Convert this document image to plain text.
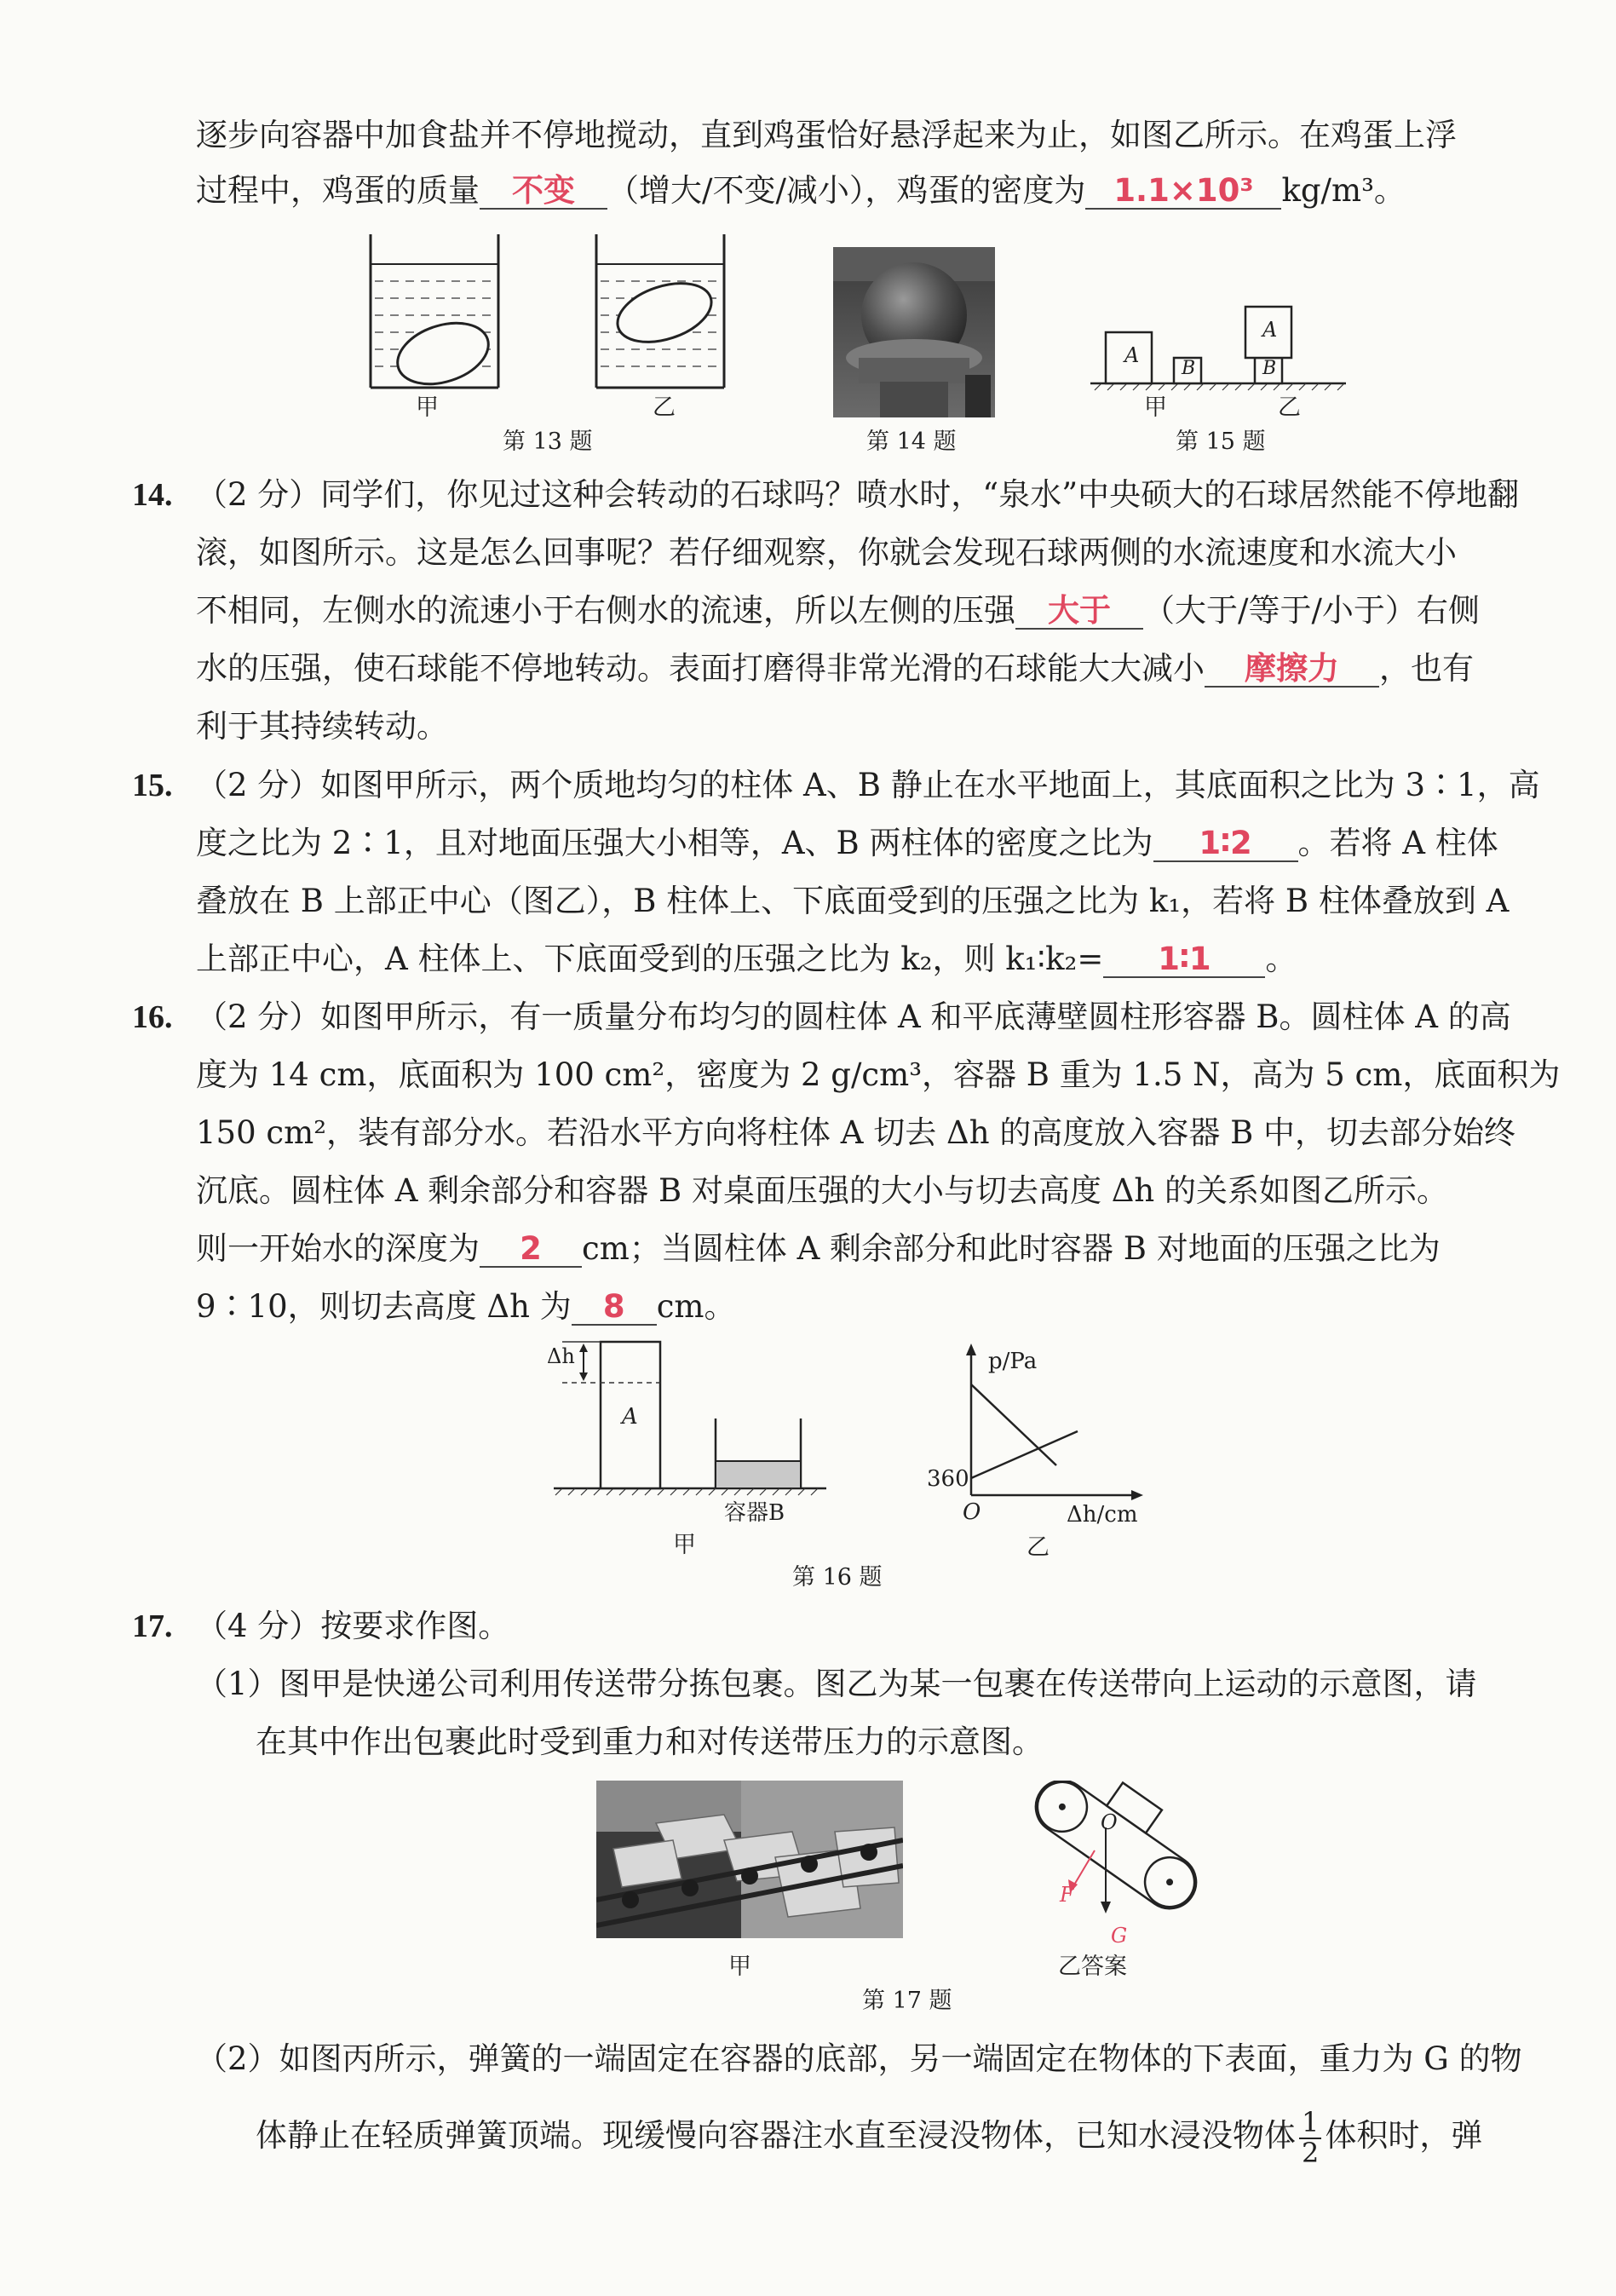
逐步向容器中加食盐并不停地搅动，直到鸡蛋恰好悬浮起来为止，如图乙所示。在鸡蛋上浮
过程中，鸡蛋的质量 不变 （增大/不变/减小），鸡蛋的密度为 1.1×10³ kg/m³。
甲	乙
第 13 题	第 14 题
A
B
A
B
甲	乙
第 15 题
14. （2 分）同学们，你见过这种会转动的石球吗？喷水时，“泉水”中央硕大的石球居然能不停地翻
滚，如图所示。这是怎么回事呢？若仔细观察，你就会发现石球两侧的水流速度和水流大小
不相同，左侧水的流速小于右侧水的流速，所以左侧的压强 大于 （大于/等于/小于）右侧
水的压强，使石球能不停地转动。表面打磨得非常光滑的石球能大大减小 摩擦力 ，也有
利于其持续转动。
15. （2 分）如图甲所示，两个质地均匀的柱体 A、B 静止在水平地面上，其底面积之比为 3∶1，高
度之比为 2∶1，且对地面压强大小相等，A、B 两柱体的密度之比为 1∶2 。若将 A 柱体
叠放在 B 上部正中心（图乙），B 柱体上、下底面受到的压强之比为 k₁，若将 B 柱体叠放到 A
上部正中心，A 柱体上、下底面受到的压强之比为 k₂，则 k₁∶k₂= 1∶1 。
16. （2 分）如图甲所示，有一质量分布均匀的圆柱体 A 和平底薄壁圆柱形容器 B。圆柱体 A 的高
度为 14 cm，底面积为 100 cm²，密度为 2 g/cm³，容器 B 重为 1.5 N，高为 5 cm，底面积为
150 cm²，装有部分水。若沿水平方向将柱体 A 切去 Δh 的高度放入容器 B 中，切去部分始终
沉底。圆柱体 A 剩余部分和容器 B 对桌面压强的大小与切去高度 Δh 的关系如图乙所示。
则一开始水的深度为 2 cm；当圆柱体 A 剩余部分和此时容器 B 对地面的压强之比为
9∶10，则切去高度 Δh 为 8 cm。
Δh
A
容器B
甲
p/Pa
360
O	Δh/cm
乙
第 16 题
17. （4 分）按要求作图。
（1）图甲是快递公司利用传送带分拣包裹。图乙为某一包裹在传送带向上运动的示意图，请
在其中作出包裹此时受到重力和对传送带压力的示意图。
甲
O
F
G
乙答案
第 17 题
（2）如图丙所示，弹簧的一端固定在容器的底部，另一端固定在物体的下表面，重力为 G 的物
体静止在轻质弹簧顶端。现缓慢向容器注水直至浸没物体，已知水浸没物体 $\frac{1}{2}$ 体积时，弹
